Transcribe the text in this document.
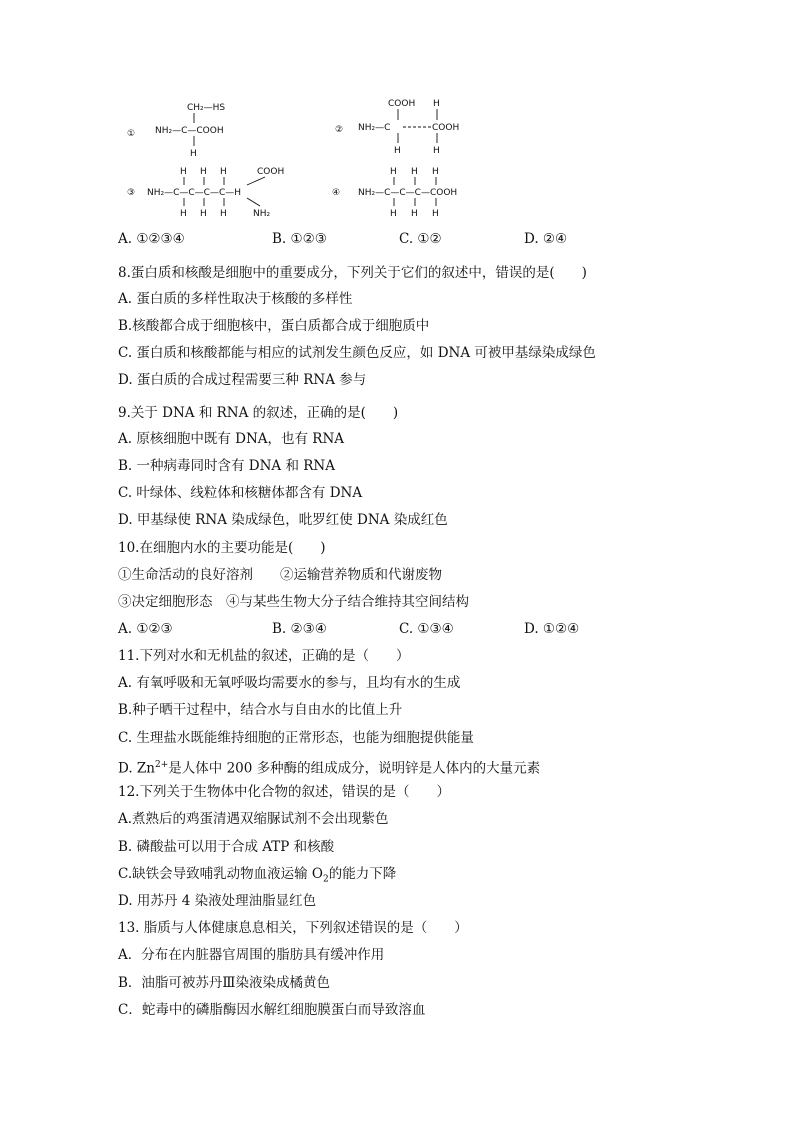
①
CH₂—HS
NH₂—C—COOH
H
②
COOH H
NH₂—C	COOH
H	H
③
H H H	COOH
NH₂—C—C—C—C—H
H H H	NH₂
④
H H H
NH₂—C—C—C—COOH
H H H
A. ①②③④	B. ①②③	C. ①②	D. ②④
8.蛋白质和核酸是细胞中的重要成分，下列关于它们的叙述中，错误的是(　　)
A. 蛋白质的多样性取决于核酸的多样性
B.核酸都合成于细胞核中，蛋白质都合成于细胞质中
C. 蛋白质和核酸都能与相应的试剂发生颜色反应，如 DNA 可被甲基绿染成绿色
D. 蛋白质的合成过程需要三种 RNA 参与
9.关于 DNA 和 RNA 的叙述，正确的是(　　)
A. 原核细胞中既有 DNA，也有 RNA
B. 一种病毒同时含有 DNA 和 RNA
C. 叶绿体、线粒体和核糖体都含有 DNA
D. 甲基绿使 RNA 染成绿色，吡罗红使 DNA 染成红色
10.在细胞内水的主要功能是(　　)
①生命活动的良好溶剂　　②运输营养物质和代谢废物
③决定细胞形态　④与某些生物大分子结合维持其空间结构
A. ①②③	B. ②③④	C. ①③④	D. ①②④
11.下列对水和无机盐的叙述，正确的是（　　）
A. 有氧呼吸和无氧呼吸均需要水的参与，且均有水的生成
B.种子晒干过程中，结合水与自由水的比值上升
C. 生理盐水既能维持细胞的正常形态，也能为细胞提供能量
D. $Zn^{2+}$是人体中 200 多种酶的组成成分，说明锌是人体内的大量元素
12.下列关于生物体中化合物的叙述，错误的是（　　）
A.煮熟后的鸡蛋清遇双缩脲试剂不会出现紫色
B. 磷酸盐可以用于合成 ATP 和核酸
C.缺铁会导致哺乳动物血液运输 $O_2$的能力下降
D. 用苏丹 4 染液处理油脂显红色
13. 脂质与人体健康息息相关，下列叙述错误的是（　　）
A．分布在内脏器官周围的脂肪具有缓冲作用
B．油脂可被苏丹Ⅲ染液染成橘黄色
C．蛇毒中的磷脂酶因水解红细胞膜蛋白而导致溶血
